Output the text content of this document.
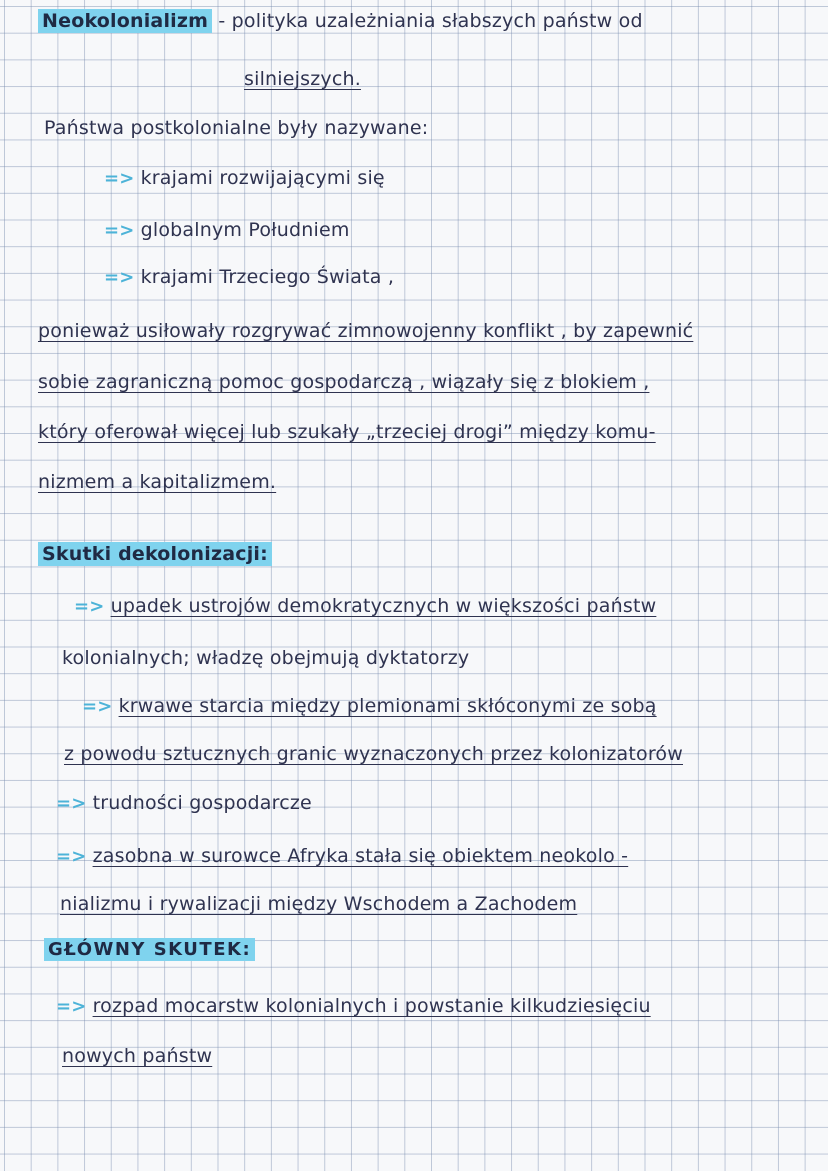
Neokolonializm - polityka uzależniania słabszych państw od
silniejszych.
Państwa postkolonialne były nazywane:
=> krajami rozwijającymi się
=> globalnym Południem
=> krajami Trzeciego Świata ,
ponieważ usiłowały rozgrywać zimnowojenny konflikt , by zapewnić
sobie zagraniczną pomoc gospodarczą , wiązały się z blokiem ,
który oferował więcej lub szukały „trzeciej drogi” między komu-
nizmem a kapitalizmem.
Skutki dekolonizacji:
=> upadek ustrojów demokratycznych w większości państw
kolonialnych; władzę obejmują dyktatorzy
=> krwawe starcia między plemionami skłóconymi ze sobą
z powodu sztucznych granic wyznaczonych przez kolonizatorów
=> trudności gospodarcze
=> zasobna w surowce Afryka stała się obiektem neokolo -
nializmu i rywalizacji między Wschodem a Zachodem
GŁÓWNY SKUTEK:
=> rozpad mocarstw kolonialnych i powstanie kilkudziesięciu
nowych państw
